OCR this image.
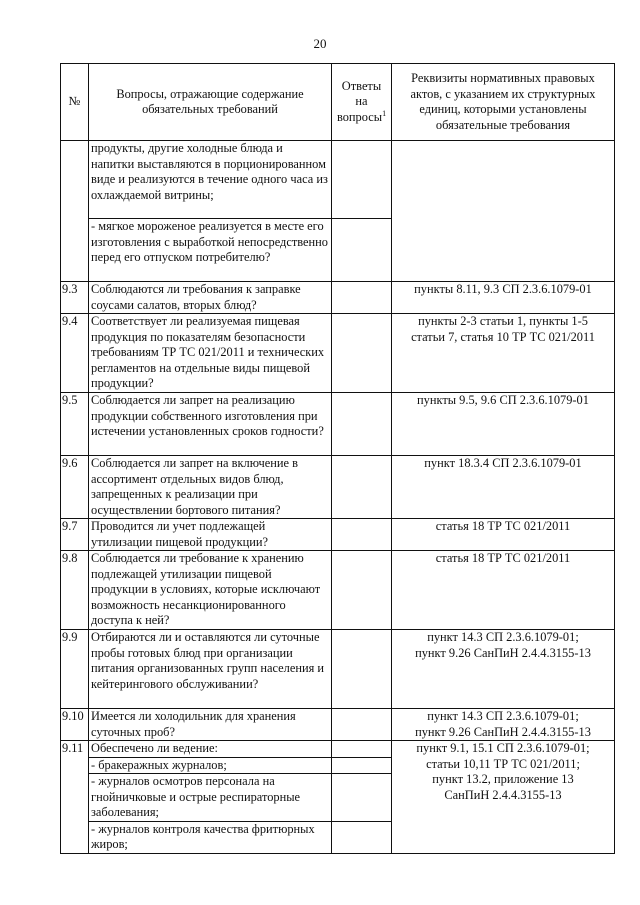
20
№	Вопросы, отражающие содержание обязательных требований	Ответы на вопросы$^1$	Реквизиты нормативных правовых актов, с указанием их структурных единиц, которыми установлены обязательные требования
	продукты, другие холодные блюда и напитки выставляются в порционированном виде и реализуются в течение одного часа из охлаждаемой витрины;		
	- мягкое мороженое реализуется в месте его изготовления с выработкой непосредственно перед его отпуском потребителю?		
9.3	Соблюдаются ли требования к заправке соусами салатов, вторых блюд?		пункты 8.11, 9.3 СП 2.3.6.1079-01

9.4	Соответствует ли реализуемая пищевая продукция по показателям безопасности требованиям ТР ТС 021/2011 и технических регламентов на отдельные виды пищевой продукции?		пункты 2-3 статьи 1, пункты 1-5
статьи 7, статья 10 ТР ТС 021/2011

9.5	Соблюдается ли запрет на реализацию продукции собственного изготовления при истечении установленных сроков годности?		пункты 9.5, 9.6 СП 2.3.6.1079-01

9.6	Соблюдается ли запрет на включение в ассортимент отдельных видов блюд, запрещенных к реализации при осуществлении бортового питания?		пункт 18.3.4 СП 2.3.6.1079-01

9.7	Проводится ли учет подлежащей утилизации пищевой продукции?		статья 18 ТР ТС 021/2011

9.8	Соблюдается ли требование к хранению подлежащей утилизации пищевой продукции в условиях, которые исключают возможность несанкционированного доступа к ней?		статья 18 ТР ТС 021/2011

9.9	Отбираются ли и оставляются ли суточные пробы готовых блюд при организации питания организованных групп населения и кейтерингового обслуживании?		пункт 14.3 СП 2.3.6.1079-01;
пункт 9.26 СанПиН 2.4.4.3155-13

9.10	Имеется ли холодильник для хранения суточных проб?		пункт 14.3 СП 2.3.6.1079-01;
пункт 9.26 СанПиН 2.4.4.3155-13

9.11	Обеспечено ли ведение:		пункт 9.1, 15.1 СП 2.3.6.1079-01;
статьи 10,11 ТР ТС 021/2011;
пункт 13.2, приложение 13
СанПиН 2.4.4.3155-13

	- бракеражных журналов;		
	- журналов осмотров персонала на гнойничковые и острые респираторные заболевания;		
	- журналов контроля качества фритюрных жиров;		
